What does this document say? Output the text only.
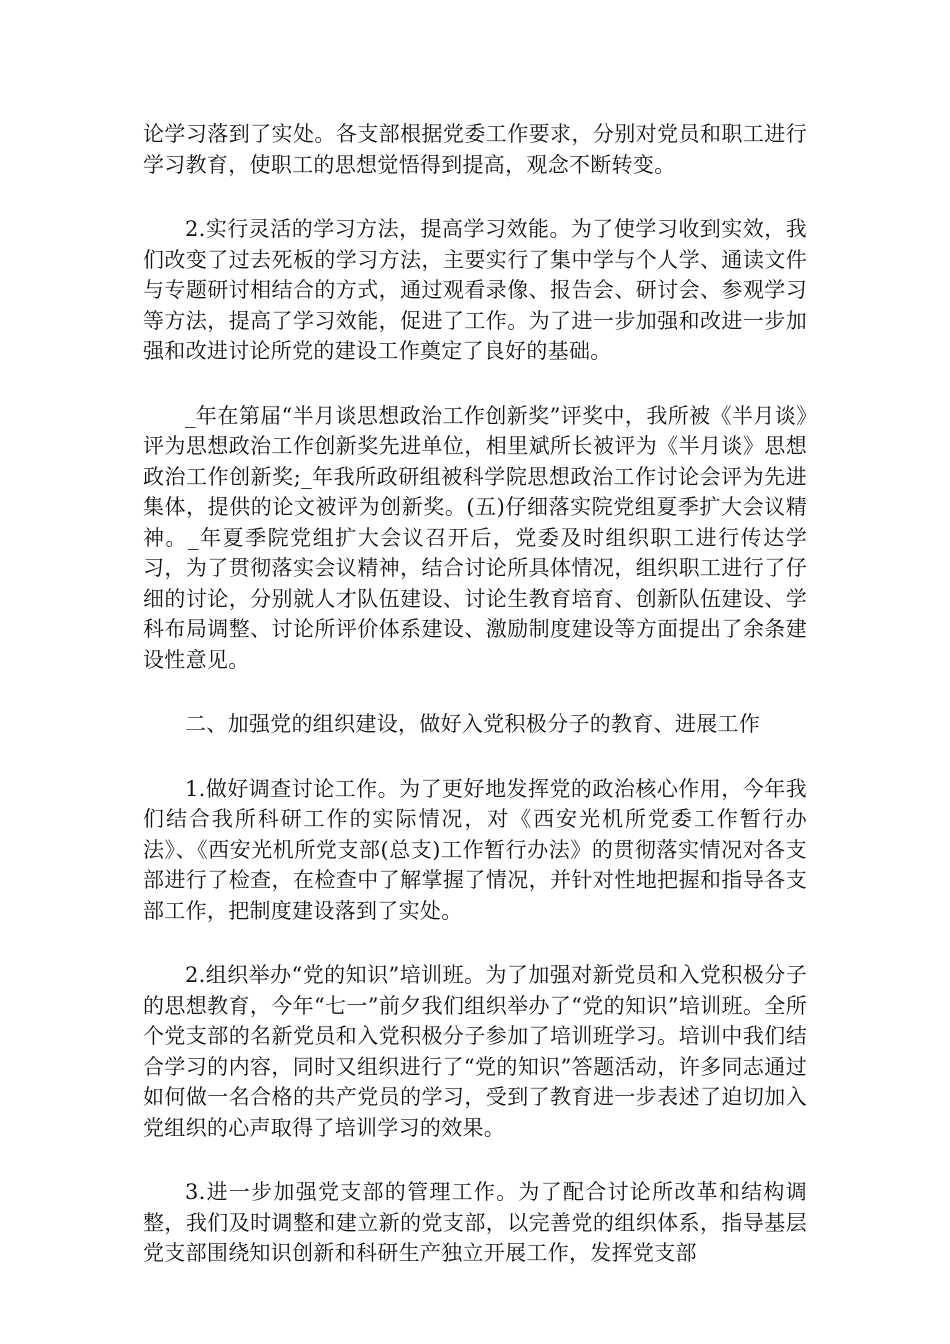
论学习落到了实处。各支部根据党委工作要求，分别对党员和职工进行学习教育，使职工的思想觉悟得到提高，观念不断转变。

2.实行灵活的学习方法，提高学习效能。为了使学习收到实效，我们改变了过去死板的学习方法，主要实行了集中学与个人学、通读文件与专题研讨相结合的方式，通过观看录像、报告会、研讨会、参观学习等方法，提高了学习效能，促进了工作。为了进一步加强和改进一步加强和改进讨论所党的建设工作奠定了良好的基础。

_年在第届“半月谈思想政治工作创新奖”评奖中，我所被《半月谈》评为思想政治工作创新奖先进单位，相里斌所长被评为《半月谈》思想政治工作创新奖;_年我所政研组被科学院思想政治工作讨论会评为先进集体，提供的论文被评为创新奖。(五)仔细落实院党组夏季扩大会议精神。_年夏季院党组扩大会议召开后，党委及时组织职工进行传达学习，为了贯彻落实会议精神，结合讨论所具体情况，组织职工进行了仔细的讨论，分别就人才队伍建设、讨论生教育培育、创新队伍建设、学科布局调整、讨论所评价体系建设、激励制度建设等方面提出了余条建设性意见。

二、加强党的组织建设，做好入党积极分子的教育、进展工作

1.做好调查讨论工作。为了更好地发挥党的政治核心作用，今年我们结合我所科研工作的实际情况，对《西安光机所党委工作暂行办法》、《西安光机所党支部(总支)工作暂行办法》的贯彻落实情况对各支部进行了检查，在检查中了解掌握了情况，并针对性地把握和指导各支部工作，把制度建设落到了实处。

2.组织举办“党的知识”培训班。为了加强对新党员和入党积极分子的思想教育，今年“七一”前夕我们组织举办了“党的知识”培训班。全所个党支部的名新党员和入党积极分子参加了培训班学习。培训中我们结合学习的内容，同时又组织进行了“党的知识”答题活动，许多同志通过如何做一名合格的共产党员的学习，受到了教育进一步表述了迫切加入党组织的心声取得了培训学习的效果。

3.进一步加强党支部的管理工作。为了配合讨论所改革和结构调整，我们及时调整和建立新的党支部，以完善党的组织体系，指导基层党支部围绕知识创新和科研生产独立开展工作，发挥党支部
